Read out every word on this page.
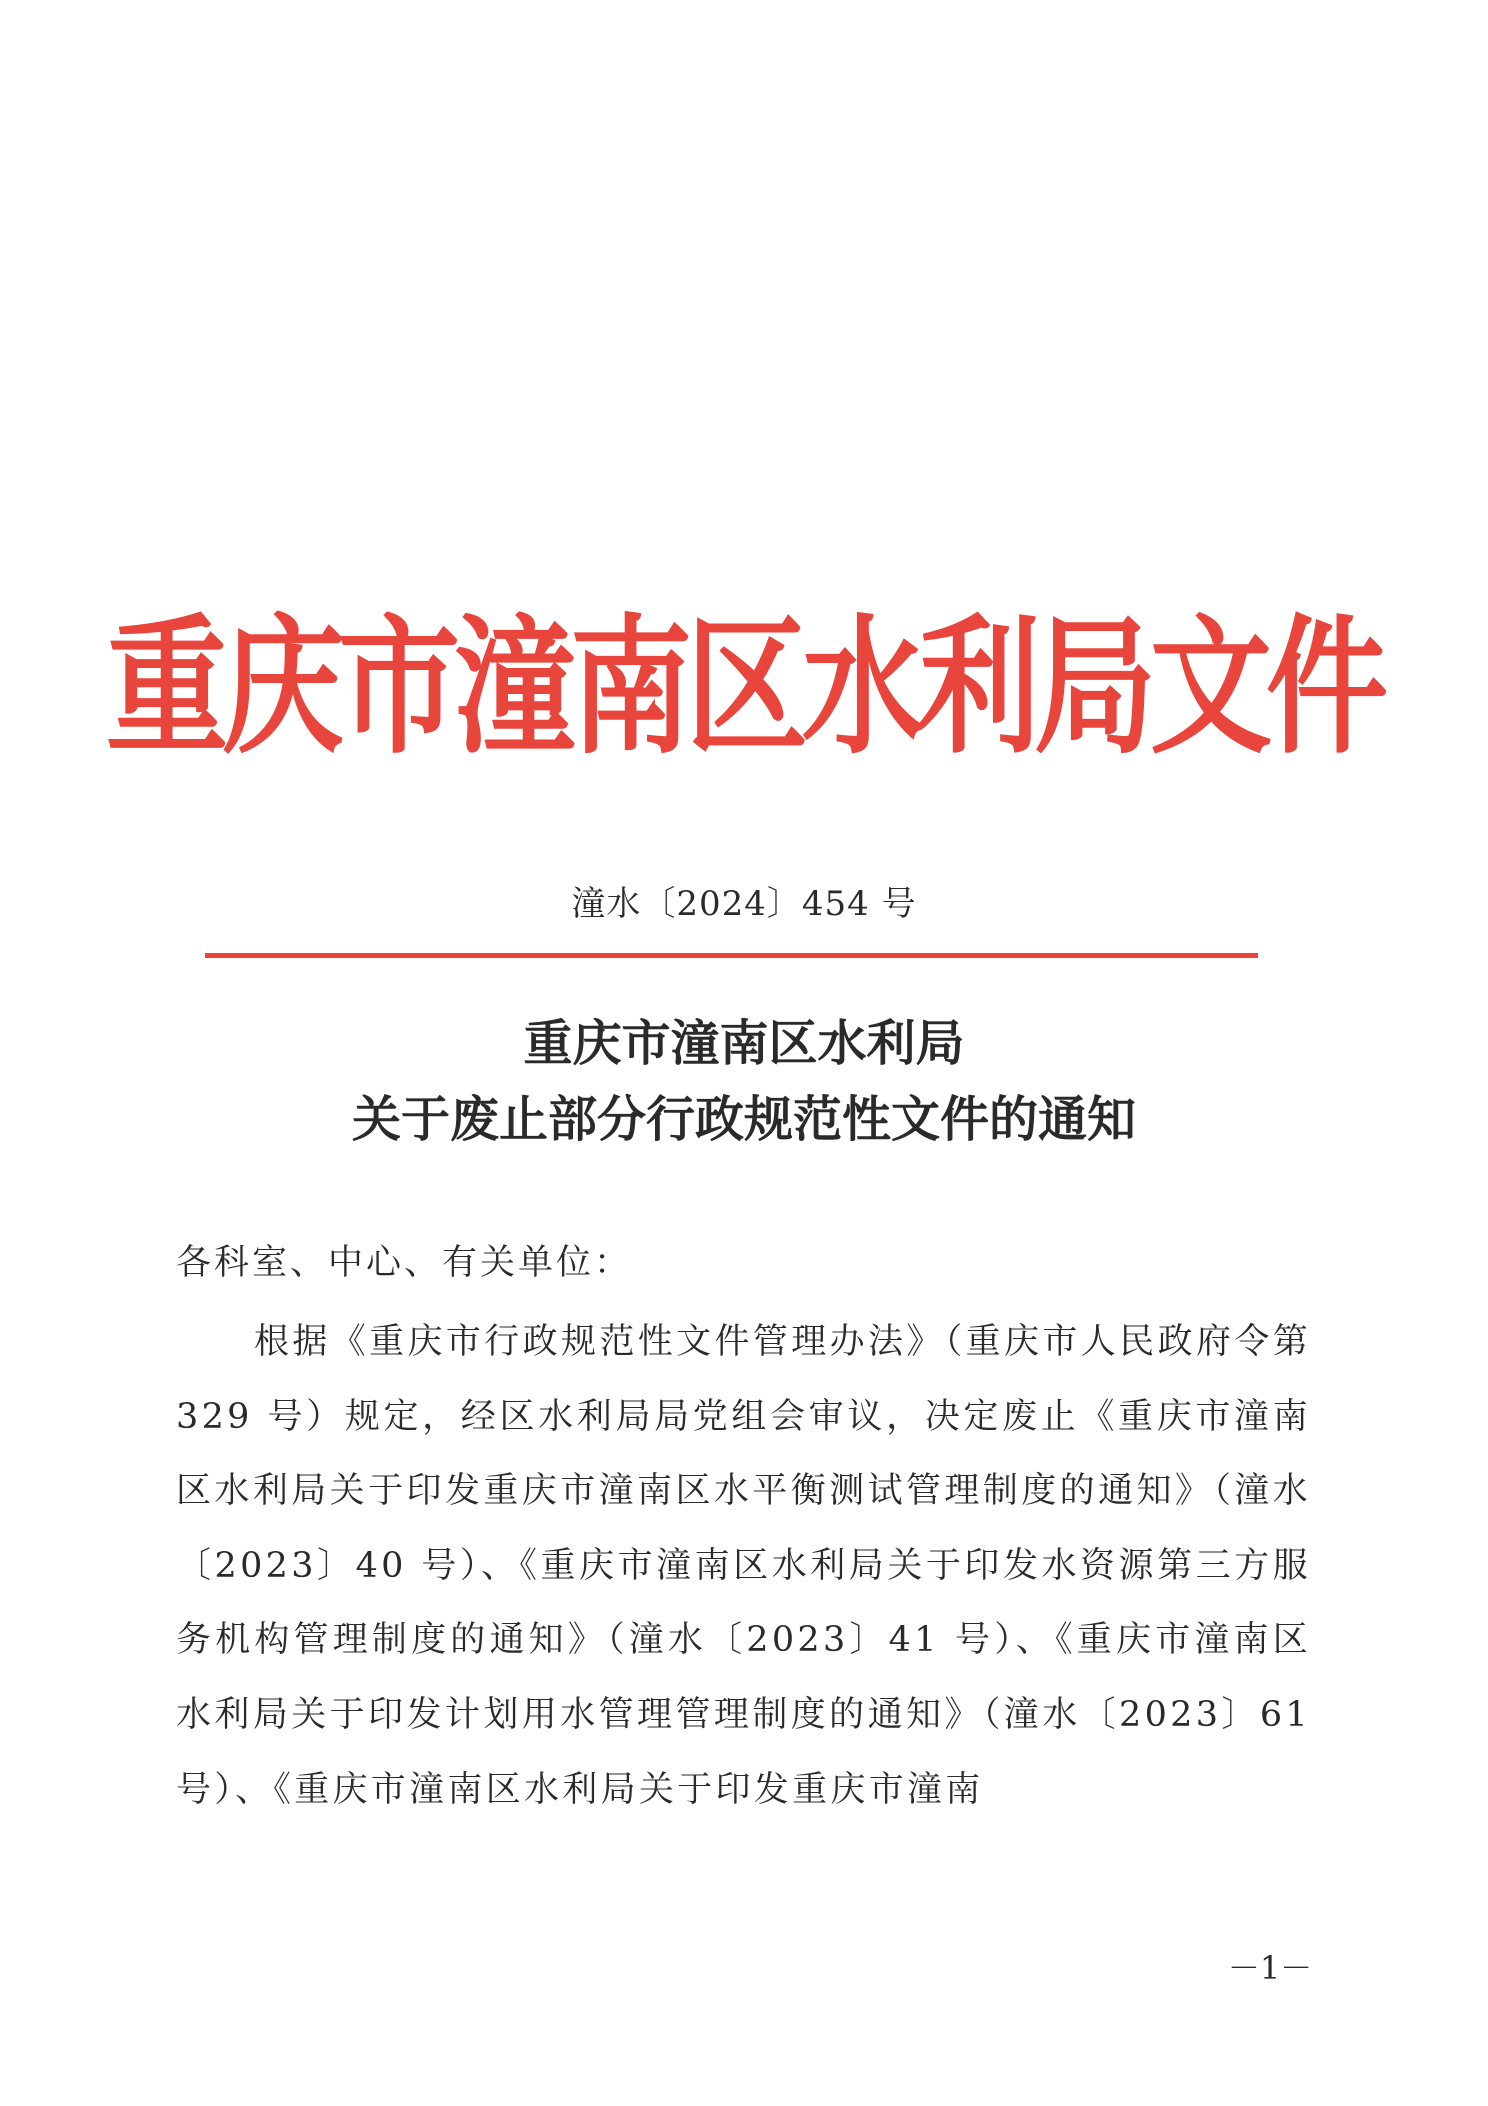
重庆市潼南区水利局文件
潼水〔2024〕454 号
重庆市潼南区水利局
关于废止部分行政规范性文件的通知
各科室、中心、有关单位：
根据《重庆市行政规范性文件管理办法》（重庆市人民政府令第 329 号）规定，经区水利局局党组会审议，决定废止《重庆市潼南区水利局关于印发重庆市潼南区水平衡测试管理制度的通知》（潼水〔2023〕40 号）、《重庆市潼南区水利局关于印发水资源第三方服务机构管理制度的通知》（潼水〔2023〕41 号）、《重庆市潼南区水利局关于印发计划用水管理管理制度的通知》（潼水〔2023〕61 号）、《重庆市潼南区水利局关于印发重庆市潼南
－1－
